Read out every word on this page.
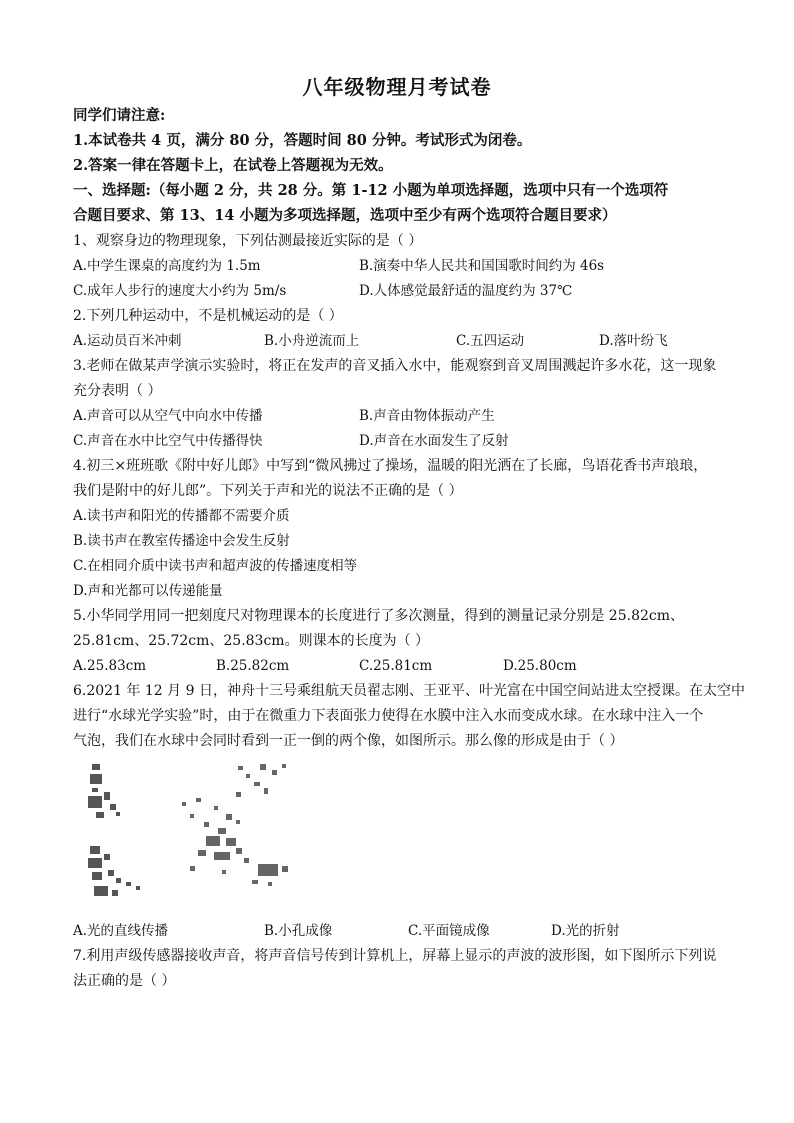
八年级物理月考试卷
同学们请注意:
1.本试卷共 4 页，满分 80 分，答题时间 80 分钟。考试形式为闭卷。
2.答案一律在答题卡上，在试卷上答题视为无效。
一、选择题:（每小题 2 分，共 28 分。第 1-12 小题为单项选择题，选项中只有一个选项符
合题目要求、第 13、14 小题为多项选择题，选项中至少有两个选项符合题目要求）
1、观察身边的物理现象，下列估测最接近实际的是（ ）
A.中学生课桌的高度约为 1.5m	B.演奏中华人民共和国国歌时间约为 46s
C.成年人步行的速度大小约为 5m/s	D.人体感觉最舒适的温度约为 37℃
2.下列几种运动中，不是机械运动的是（ ）
A.运动员百米冲刺	B.小舟逆流而上	C.五四运动	D.落叶纷飞
3.老师在做某声学演示实验时，将正在发声的音叉插入水中，能观察到音叉周围溅起许多水花，这一现象
充分表明（ ）
A.声音可以从空气中向水中传播	B.声音由物体振动产生
C.声音在水中比空气中传播得快	D.声音在水面发生了反射
4.初三×班班歌《附中好儿郎》中写到“微风拂过了操场，温暖的阳光洒在了长廊，鸟语花香书声琅琅，
我们是附中的好儿郎”。下列关于声和光的说法不正确的是（ ）
A.读书声和阳光的传播都不需要介质
B.读书声在教室传播途中会发生反射
C.在相同介质中读书声和超声波的传播速度相等
D.声和光都可以传递能量
5.小华同学用同一把刻度尺对物理课本的长度进行了多次测量，得到的测量记录分别是 25.82cm、
25.81cm、25.72cm、25.83cm。则课本的长度为（ ）
A.25.83cm	B.25.82cm	C.25.81cm	D.25.80cm
6.2021 年 12 月 9 日，神舟十三号乘组航天员翟志刚、王亚平、叶光富在中国空间站进太空授课。在太空中
进行“水球光学实验”时，由于在微重力下表面张力使得在水膜中注入水而变成水球。在水球中注入一个
气泡，我们在水球中会同时看到一正一倒的两个像，如图所示。那么像的形成是由于（ ）
A.光的直线传播	B.小孔成像	C.平面镜成像	D.光的折射
7.利用声级传感器接收声音，将声音信号传到计算机上，屏幕上显示的声波的波形图，如下图所示下列说
法正确的是（ ）
